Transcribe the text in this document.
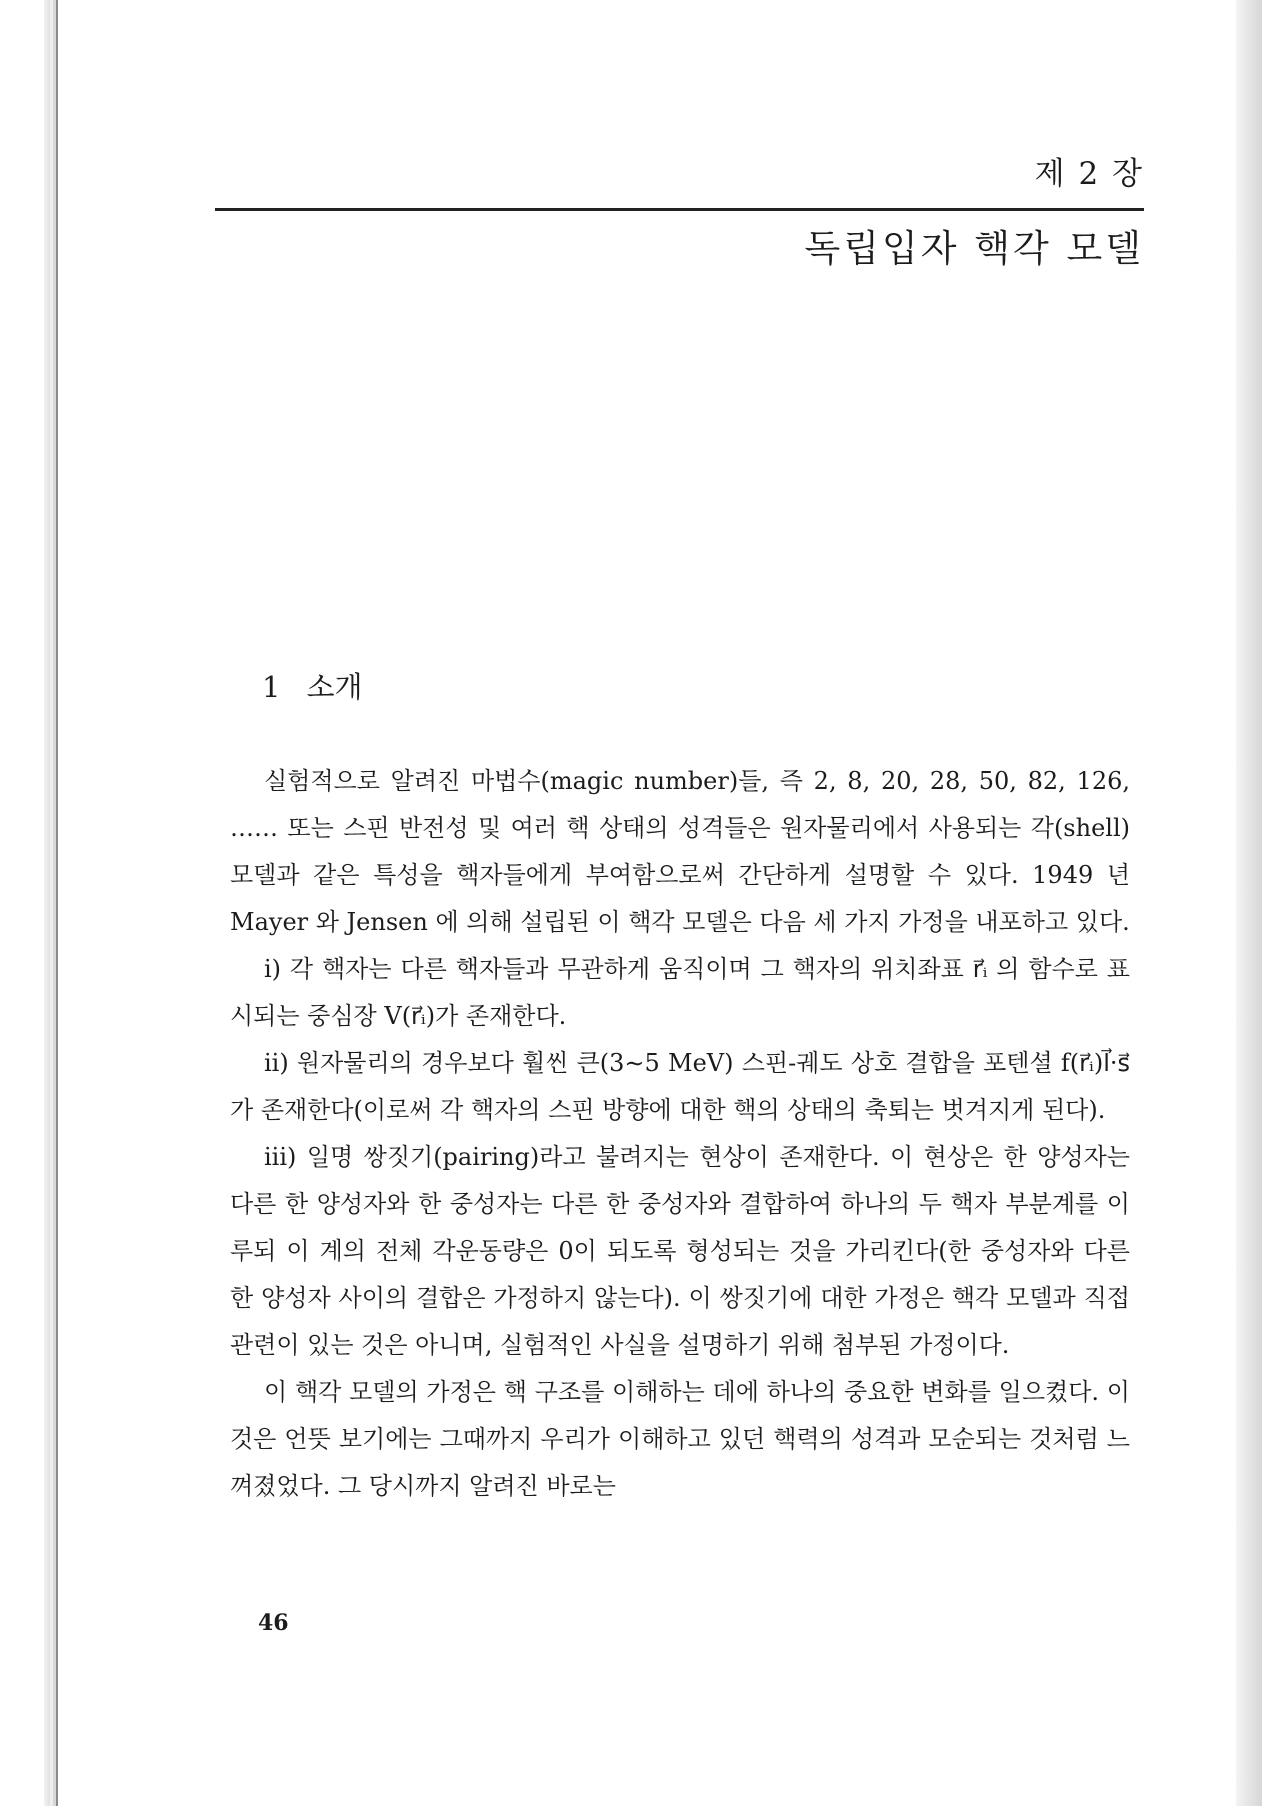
제 2 장
독립입자 핵각 모델
1 소개

실험적으로 알려진 마법수(magic number)들, 즉 2, 8, 20, 28, 50, 82, 126, …… 또는 스핀 반전성 및 여러 핵 상태의 성격들은 원자물리에서 사용되는 각(shell) 모델과 같은 특성을 핵자들에게 부여함으로써 간단하게 설명할 수 있다. 1949 년 Mayer 와 Jensen 에 의해 설립된 이 핵각 모델은 다음 세 가지 가정을 내포하고 있다.

i) 각 핵자는 다른 핵자들과 무관하게 움직이며 그 핵자의 위치좌표 r⃗ᵢ 의 함수로 표시되는 중심장 V(r⃗ᵢ)가 존재한다.

ii) 원자물리의 경우보다 훨씬 큰(3∼5 MeV) 스핀-궤도 상호 결합을 포텐셜 f(r⃗ᵢ)l⃗·s⃗가 존재한다(이로써 각 핵자의 스핀 방향에 대한 핵의 상태의 축퇴는 벗겨지게 된다).

iii) 일명 쌍짓기(pairing)라고 불려지는 현상이 존재한다. 이 현상은 한 양성자는 다른 한 양성자와 한 중성자는 다른 한 중성자와 결합하여 하나의 두 핵자 부분계를 이루되 이 계의 전체 각운동량은 0이 되도록 형성되는 것을 가리킨다(한 중성자와 다른 한 양성자 사이의 결합은 가정하지 않는다). 이 쌍짓기에 대한 가정은 핵각 모델과 직접 관련이 있는 것은 아니며, 실험적인 사실을 설명하기 위해 첨부된 가정이다.

이 핵각 모델의 가정은 핵 구조를 이해하는 데에 하나의 중요한 변화를 일으켰다. 이것은 언뜻 보기에는 그때까지 우리가 이해하고 있던 핵력의 성격과 모순되는 것처럼 느껴졌었다. 그 당시까지 알려진 바로는

46
